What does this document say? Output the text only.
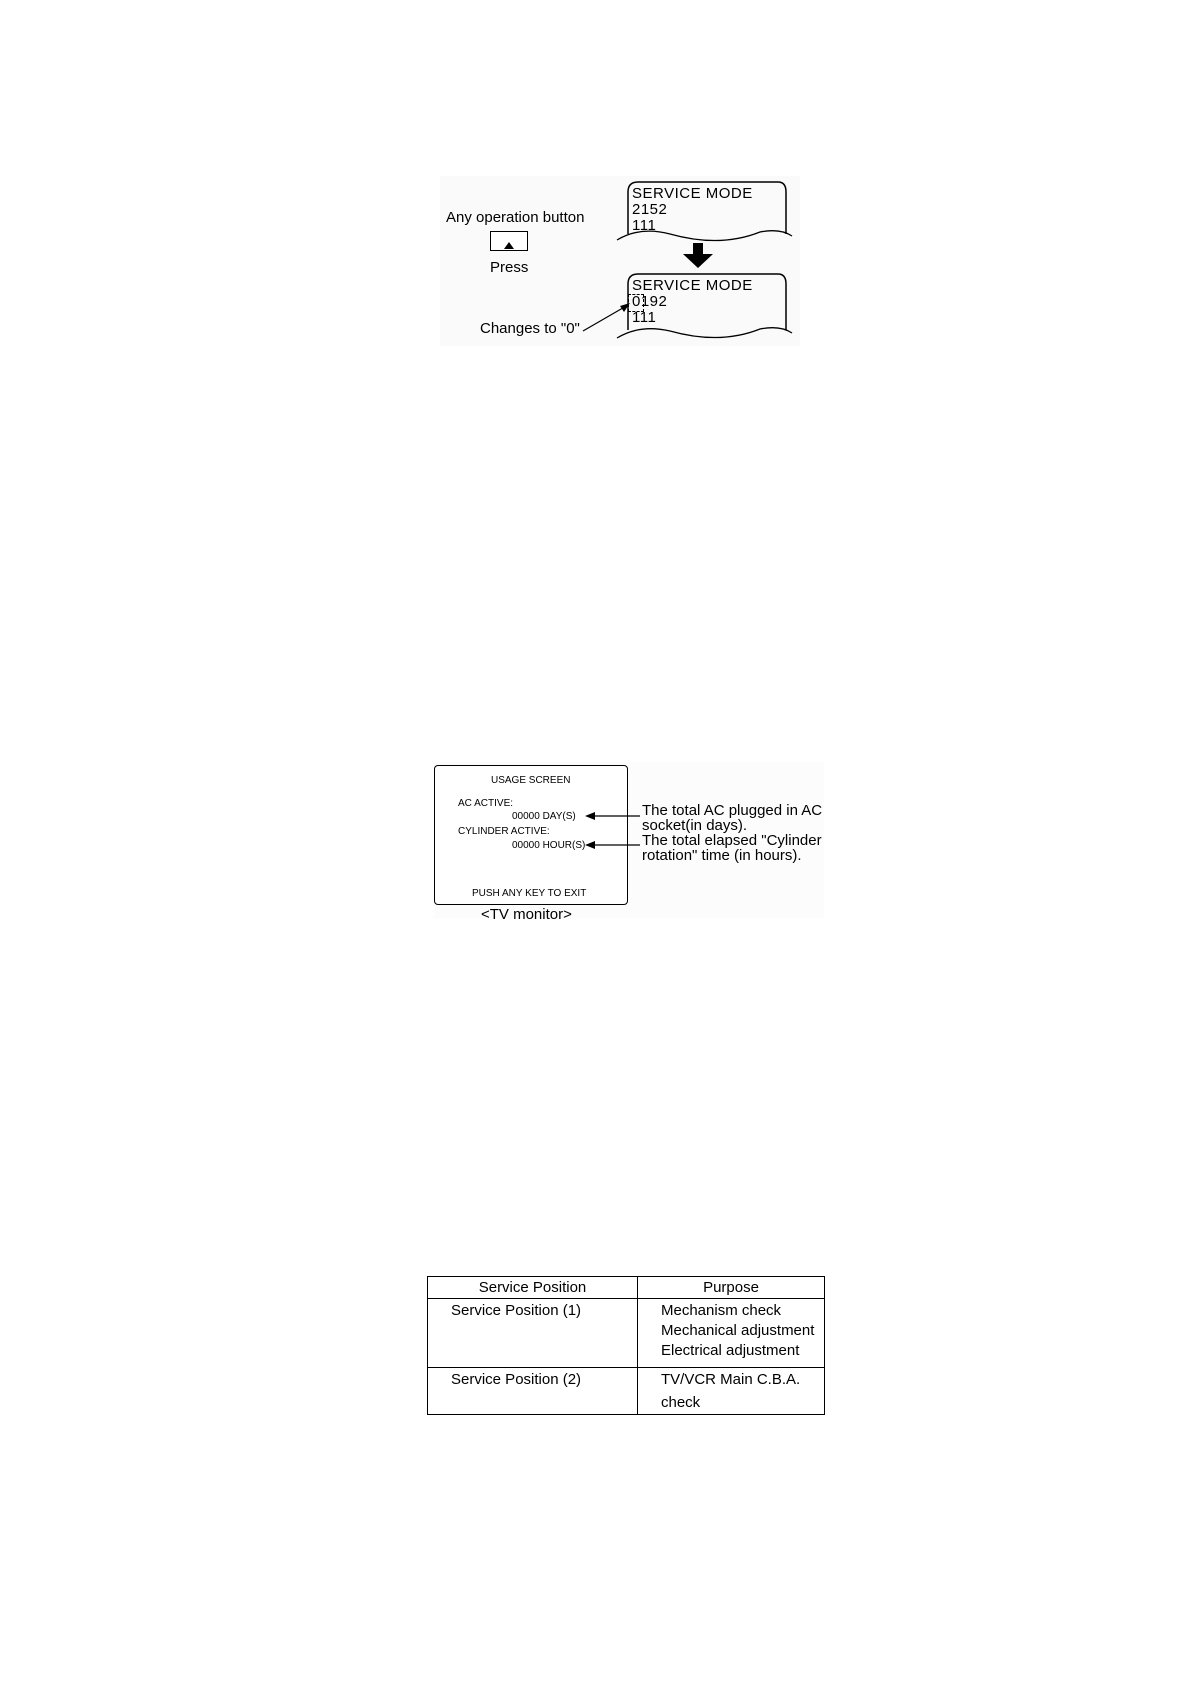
Any operation button
Press
Changes to "0"
SERVICE MODE
2152
111
SERVICE MODE
0192
111
USAGE SCREEN
AC ACTIVE:
00000 DAY(S)
CYLINDER ACTIVE:
00000 HOUR(S)
PUSH ANY KEY TO EXIT
<TV monitor>
The total AC plugged in AC
socket(in days).
The total elapsed "Cylinder
rotation" time (in hours).
Service Position	Purpose

Service Position (1)	Mechanism check
Mechanical adjustment
Electrical adjustment

Service Position (2)	TV/VCR Main C.B.A. check
